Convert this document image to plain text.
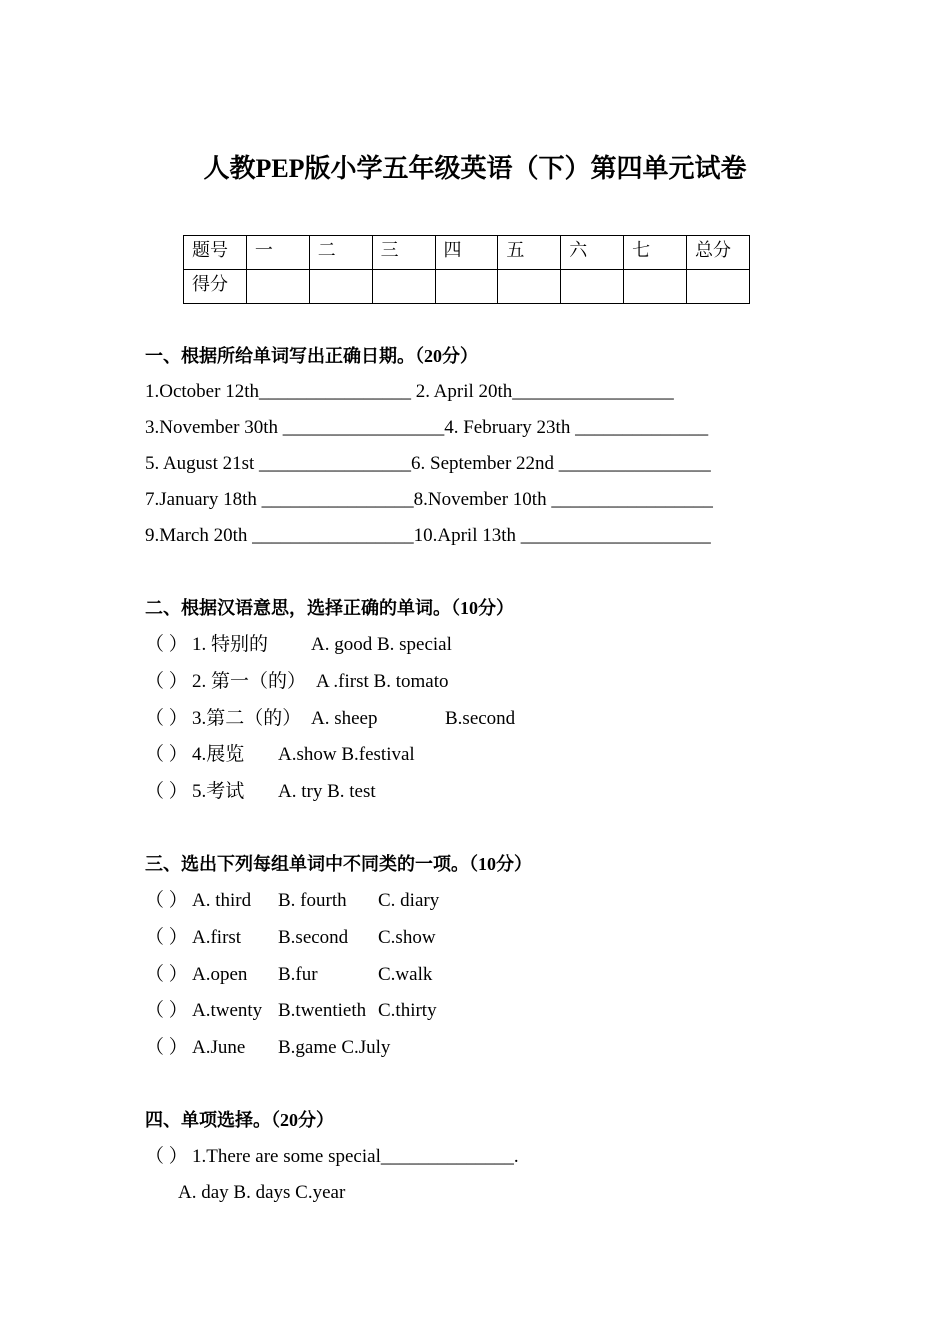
人教PEP版小学五年级英语（下）第四单元试卷
题号	一	二	三	四	五	六	七	总分
得分								
一、根据所给单词写出正确日期。（20分）
1.October 12th________________ 2. April 20th_________________
3.November 30th _________________4. February 23th ______________
5. August 21st ________________6. September 22nd ________________
7.January 18th ________________8.November 10th _________________
9.March 20th _________________10.April 13th ____________________
二、根据汉语意思，选择正确的单词。（10分）
（ ） 1. 特别的 A. good B. special
（ ） 2. 第一（的） A .first B. tomato
（ ） 3.第二（的） A. sheep	B.second
（ ） 4.展览 A.show B.festival
（ ） 5.考试 A. try B. test
三、选出下列每组单词中不同类的一项。（10分）
（ ） A. third B. fourth C. diary
（ ） A.first B.second C.show
（ ） A.open B.fur	C.walk
（ ） A.twenty B.twentieth C.thirty
（ ） A.June B.game C.July
四、单项选择。（20分）
（ ） 1.There are some special______________.
A. day B. days C.year
